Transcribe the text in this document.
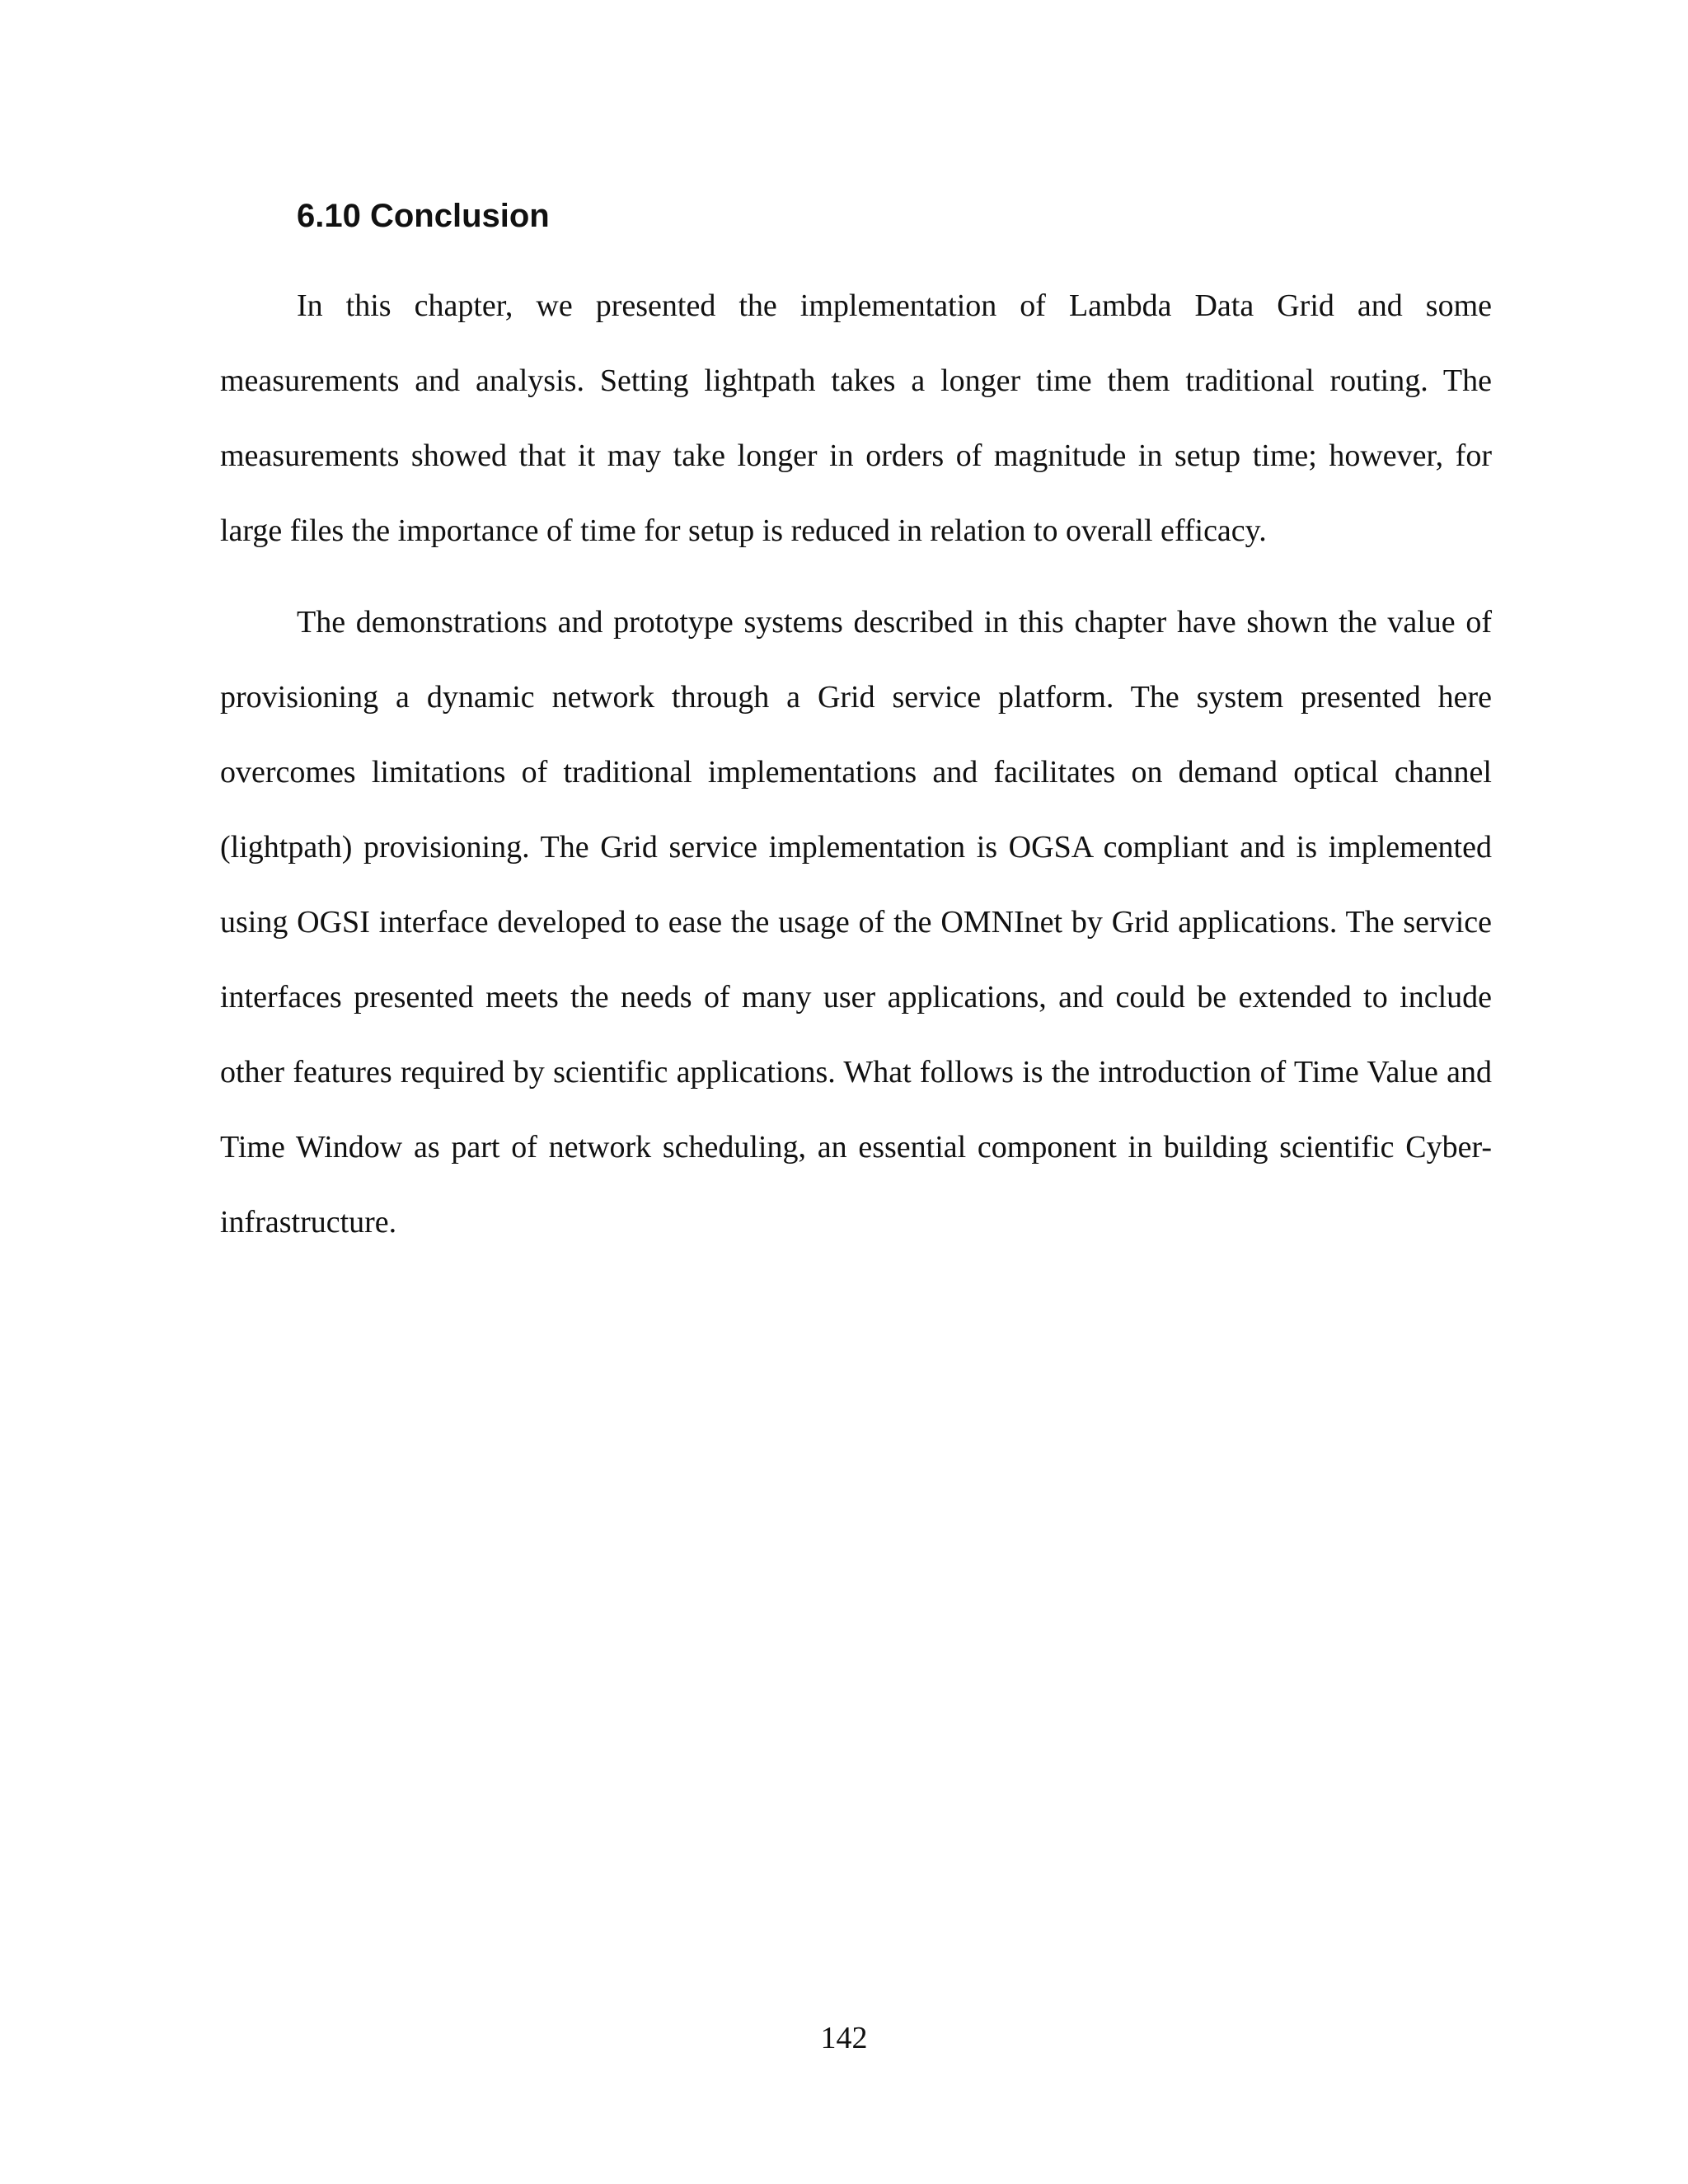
6.10 Conclusion

In this chapter, we presented the implementation of Lambda Data Grid and some measurements and analysis. Setting lightpath takes a longer time them traditional routing. The measurements showed that it may take longer in orders of magnitude in setup time; however, for large files the importance of time for setup is reduced in relation to overall efficacy.

The demonstrations and prototype systems described in this chapter have shown the value of provisioning a dynamic network through a Grid service platform. The system presented here overcomes limitations of traditional implementations and facilitates on demand optical channel (lightpath) provisioning. The Grid service implementation is OGSA compliant and is implemented using OGSI interface developed to ease the usage of the OMNInet by Grid applications. The service interfaces presented meets the needs of many user applications, and could be extended to include other features required by scientific applications. What follows is the introduction of Time Value and Time Window as part of network scheduling, an essential component in building scientific Cyber-infrastructure.

142
